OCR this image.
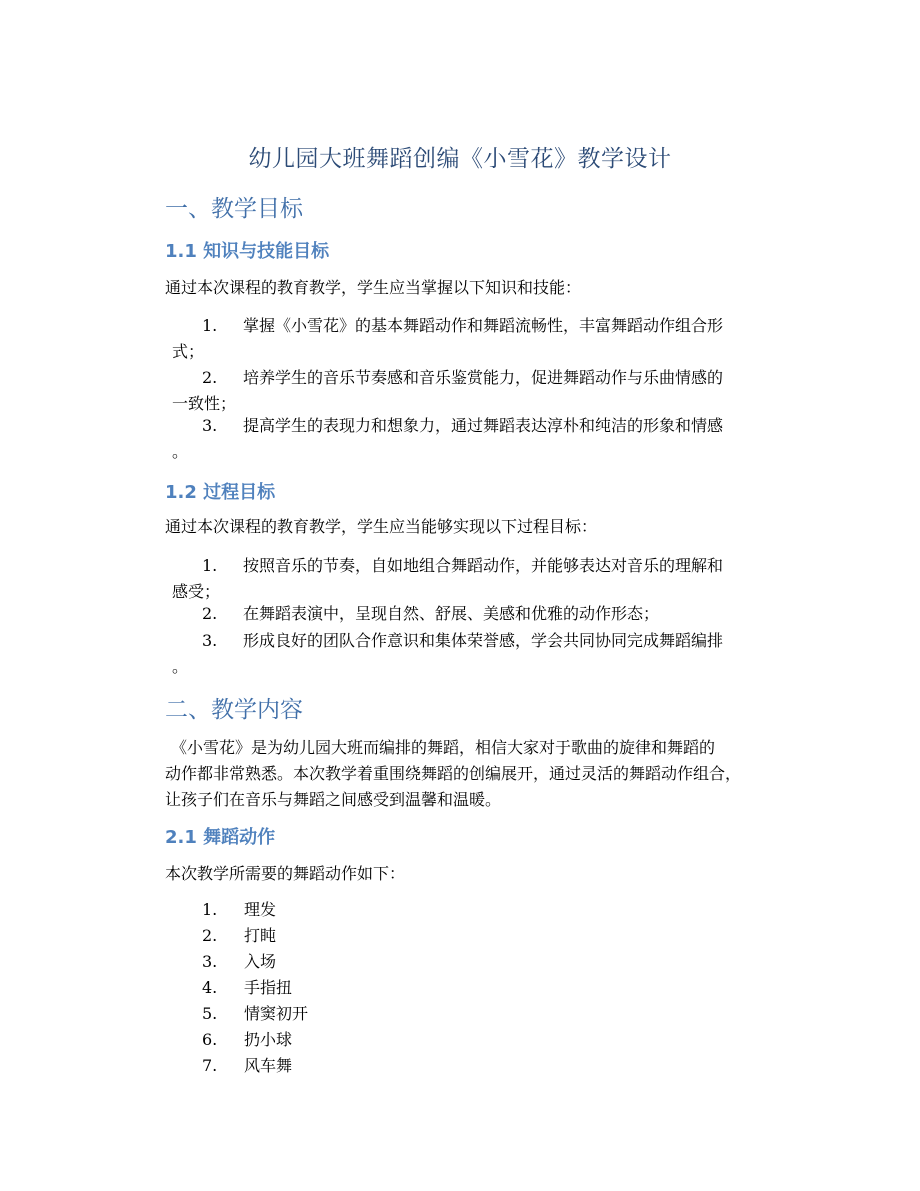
幼儿园大班舞蹈创编《小雪花》教学设计
一、教学目标
1.1 知识与技能目标
通过本次课程的教育教学，学生应当掌握以下知识和技能：
1.	掌握《小雪花》的基本舞蹈动作和舞蹈流畅性，丰富舞蹈动作组合形
式；
2.	培养学生的音乐节奏感和音乐鉴赏能力，促进舞蹈动作与乐曲情感的
一致性；
3.	提高学生的表现力和想象力，通过舞蹈表达淳朴和纯洁的形象和情感
。
1.2 过程目标
通过本次课程的教育教学，学生应当能够实现以下过程目标：
1.	按照音乐的节奏，自如地组合舞蹈动作，并能够表达对音乐的理解和
感受；
2.	在舞蹈表演中，呈现自然、舒展、美感和优雅的动作形态；
3.	形成良好的团队合作意识和集体荣誉感，学会共同协同完成舞蹈编排
。
二、教学内容
《小雪花》是为幼儿园大班而编排的舞蹈，相信大家对于歌曲的旋律和舞蹈的
动作都非常熟悉。本次教学着重围绕舞蹈的创编展开，通过灵活的舞蹈动作组合，
让孩子们在音乐与舞蹈之间感受到温馨和温暖。
2.1 舞蹈动作
本次教学所需要的舞蹈动作如下：
1. 理发
2. 打盹
3. 入场
4. 手指扭
5. 情窦初开
6. 扔小球
7. 风车舞
